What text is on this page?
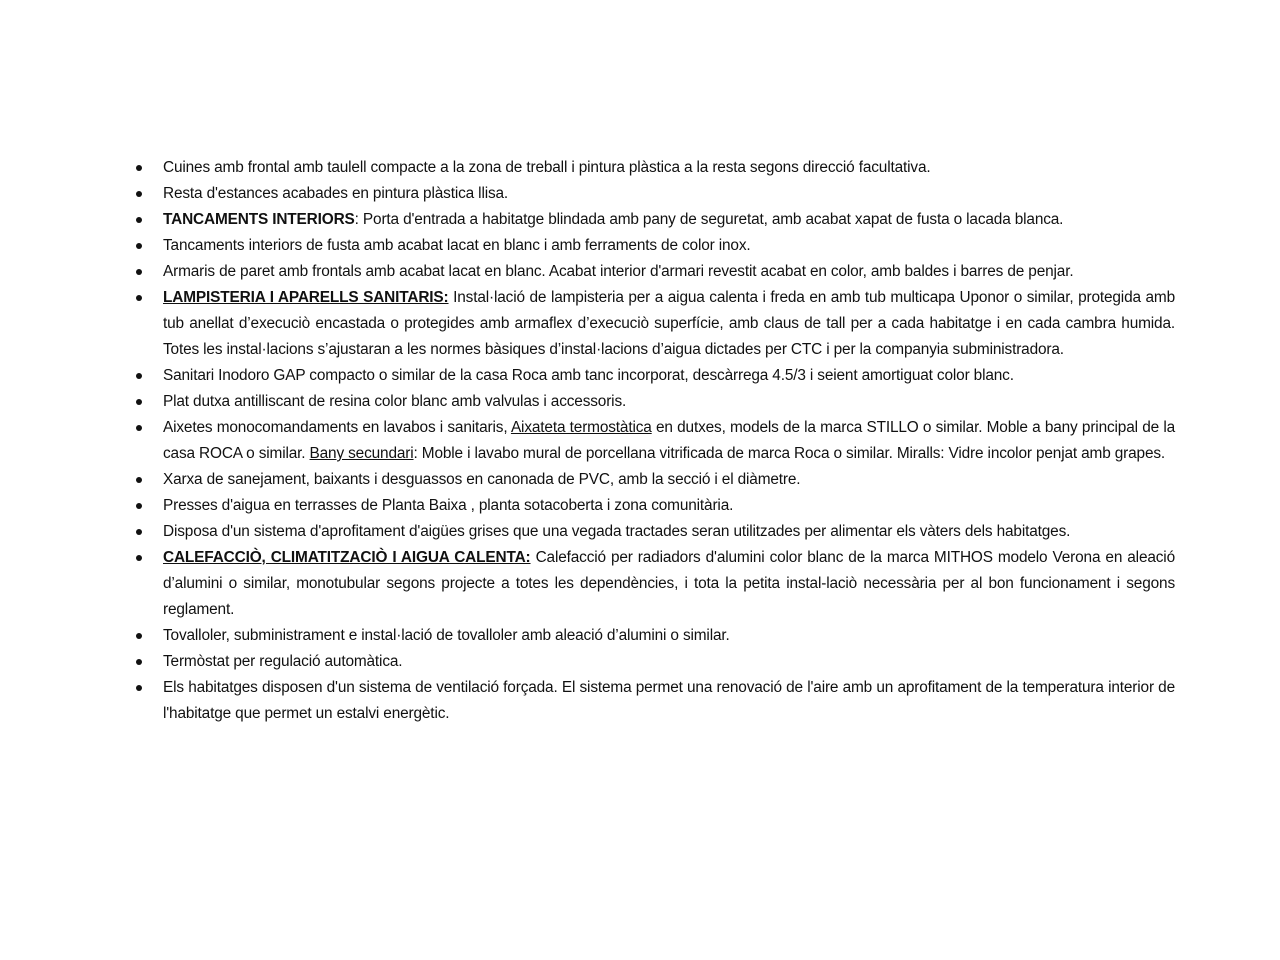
Cuines amb frontal amb taulell compacte a la zona de treball i pintura plàstica a la resta segons direcció facultativa.
Resta d'estances acabades en pintura plàstica llisa.
TANCAMENTS INTERIORS: Porta d'entrada a habitatge blindada amb pany de seguretat, amb acabat xapat de fusta o lacada blanca.
Tancaments interiors de fusta amb acabat lacat en blanc i amb ferraments de color inox.
Armaris de paret amb frontals amb acabat lacat en blanc. Acabat interior d'armari revestit acabat en color, amb baldes i barres de penjar.
LAMPISTERIA I APARELLS SANITARIS: Instal·lació de lampisteria per a aigua calenta i freda en amb tub multicapa Uponor o similar, protegida amb tub anellat d’execuciò encastada o protegides amb armaflex d’execuciò superfície, amb claus de tall per a cada habitatge i en cada cambra humida. Totes les instal·lacions s’ajustaran a les normes bàsiques d’instal·lacions d’aigua dictades per CTC i per la companyia subministradora.
Sanitari Inodoro GAP compacto o similar de la casa Roca amb tanc incorporat, descàrrega 4.5/3 i seient amortiguat color blanc.
Plat dutxa antilliscant de resina color blanc amb valvulas i accessoris.
Aixetes monocomandaments en lavabos i sanitaris, Aixateta termostàtica en dutxes, models de la marca STILLO o similar. Moble a bany principal de la casa ROCA o similar. Bany secundari: Moble i lavabo mural de porcellana vitrificada de marca Roca o similar. Miralls: Vidre incolor penjat amb grapes.
Xarxa de sanejament, baixants i desguassos en canonada de PVC, amb la secció i el diàmetre.
Presses d'aigua en terrasses de Planta Baixa , planta sotacoberta i zona comunitària.
Disposa d'un sistema d'aprofitament d'aigües grises que una vegada tractades seran utilitzades per alimentar els vàters dels habitatges.
CALEFACCIÒ, CLIMATITZACIÒ I AIGUA CALENTA: Calefacció per radiadors d'alumini color blanc de la marca MITHOS modelo Verona en aleació d’alumini o similar, monotubular segons projecte a totes les dependències, i tota la petita instal-laciò necessària per al bon funcionament i segons reglament.
Tovalloler, subministrament e instal·lació de tovalloler amb aleació d’alumini o similar.
Termòstat per regulació automàtica.
Els habitatges disposen d'un sistema de ventilació forçada. El sistema permet una renovació de l'aire amb un aprofitament de la temperatura interior de l'habitatge que permet un estalvi energètic.
